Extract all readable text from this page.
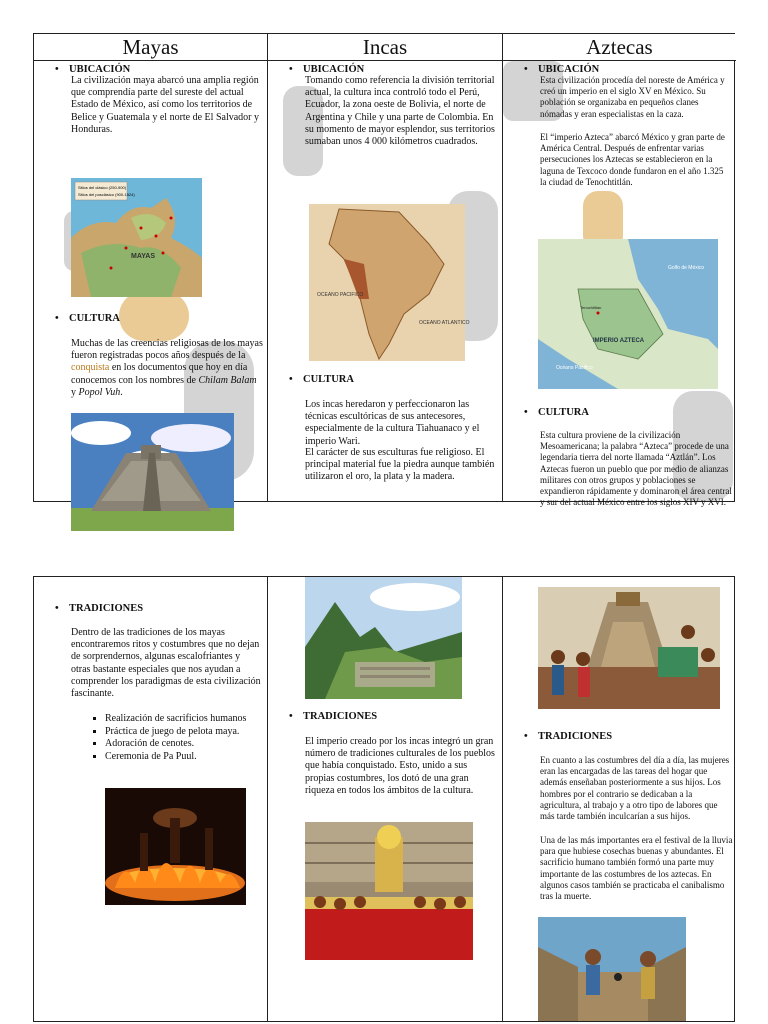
Mayas
• UBICACIÓN
La civilización maya abarcó una amplia región que comprendía parte del sureste del actual Estado de México, así como los territorios de Belice y Guatemala y el norte de El Salvador y Honduras.
Sitios del clásico (250-900)
Sitios del posclásico (900-1524)
MAYAS
• CULTURA
Muchas de las creencias religiosas de los mayas fueron registradas pocos años después de la conquista en los documentos que hoy en día conocemos con los nombres de Chilam Balam y Popol Vuh.
Incas
• UBICACIÓN
Tomando como referencia la división territorial actual, la cultura inca controló todo el Perú, Ecuador, la zona oeste de Bolivia, el norte de Argentina y Chile y una parte de Colombia. En su momento de mayor esplendor, sus territorios sumaban unos 4 000 kilómetros cuadrados.
OCEANO PACIFICO
OCEANO ATLANTICO
• CULTURA
Los incas heredaron y perfeccionaron las técnicas escultóricas de sus antecesores, especialmente de la cultura Tiahuanaco y el imperio Wari.
El carácter de sus esculturas fue religioso. El principal material fue la piedra aunque también utilizaron el oro, la plata y la madera.
Aztecas
• UBICACIÓN
Esta civilización procedía del noreste de América y creó un imperio en el siglo XV en México. Su población se organizaba en pequeños clanes nómadas y eran especialistas en la caza.
El “imperio Azteca” abarcó México y gran parte de América Central. Después de enfrentar varias persecuciones los Aztecas se establecieron en la laguna de Texcoco donde fundaron en el año 1.325 la ciudad de Tenochtitlán.
Golfo de México
IMPERIO AZTECA
Océano Pacífico
Tenochtitlan
• CULTURA
Esta cultura proviene de la civilización Mesoamericana; la palabra “Azteca” procede de una legendaria tierra del norte llamada “Aztlán”. Los Aztecas fueron un pueblo que por medio de alianzas militares con otros grupos y poblaciones se expandieron rápidamente y dominaron el área central y sur del actual México entre los siglos XIV y XVI.
• TRADICIONES
Dentro de las tradiciones de los mayas encontraremos ritos y costumbres que no dejan de sorprendernos, algunas escalofriantes y otras bastante especiales que nos ayudan a comprender los paradigmas de esta civilización fascinante.
▪ Realización de sacrificios humanos
▪ Práctica de juego de pelota maya.
▪ Adoración de cenotes.
▪ Ceremonia de Pa Puul.
• TRADICIONES
El imperio creado por los incas integró un gran número de tradiciones culturales de los pueblos que había conquistado. Esto, unido a sus propias costumbres, los dotó de una gran riqueza en todos los ámbitos de la cultura.
• TRADICIONES
En cuanto a las costumbres del día a día, las mujeres eran las encargadas de las tareas del hogar que además enseñaban posteriormente a sus hijos. Los hombres por el contrario se dedicaban a la agricultura, al trabajo y a otro tipo de labores que más tarde también inculcarían a sus hijos.
Una de las más importantes era el festival de la lluvia para que hubiese cosechas buenas y abundantes. El sacrificio humano también formó una parte muy importante de las costumbres de los aztecas. En algunos casos también se practicaba el canibalismo tras la muerte.
